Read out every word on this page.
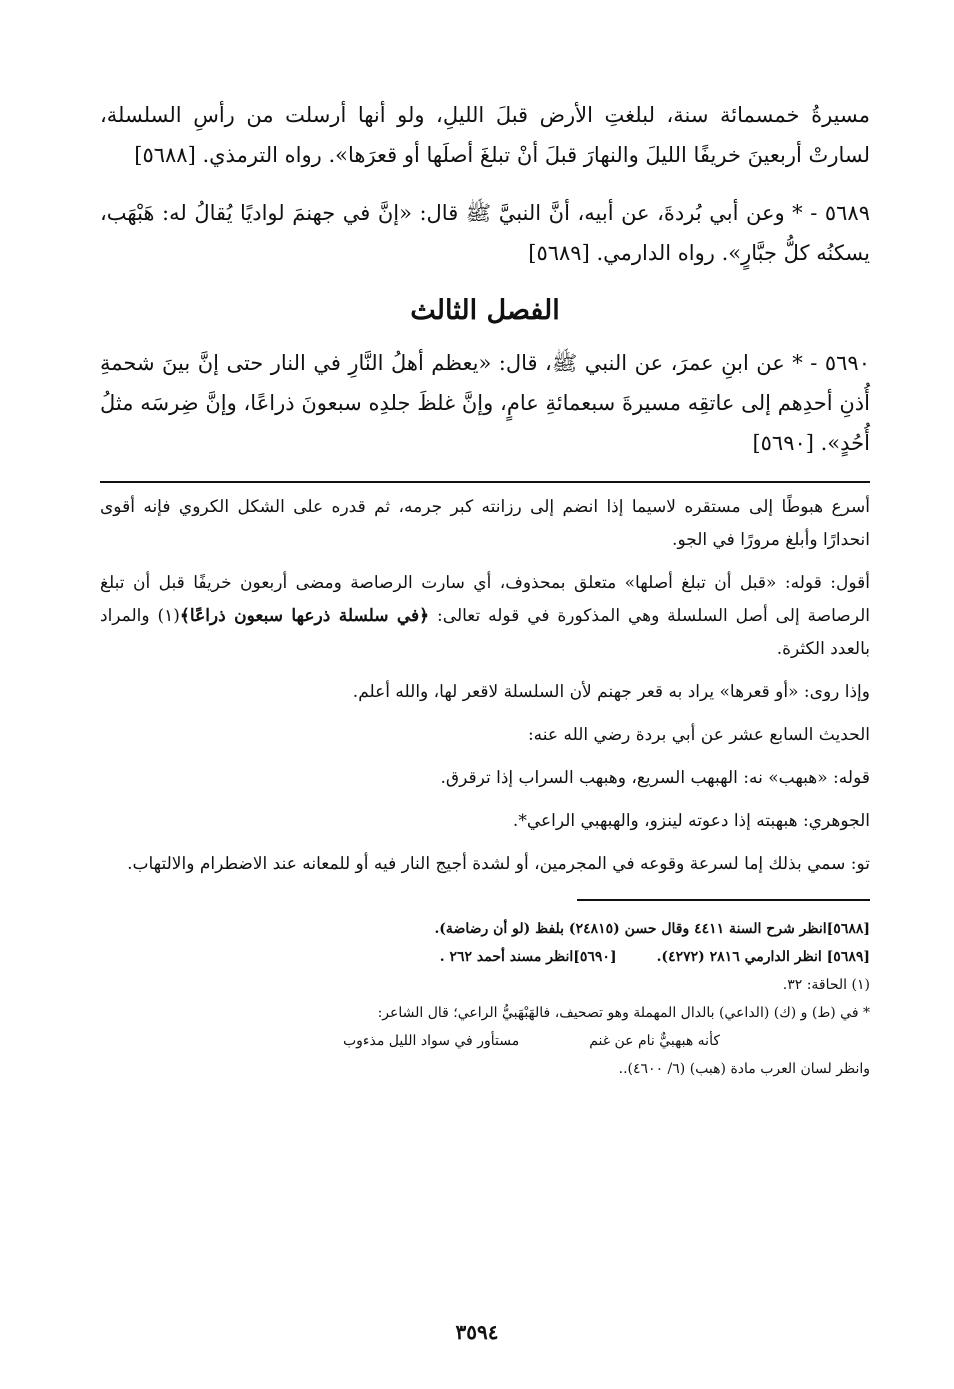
مسيرةُ خمسمائة سنة، لبلغتِ الأرض قبلَ الليلِ، ولو أنها أرسلت من رأسِ السلسلة، لسارتْ أربعينَ خريفًا الليلَ والنهارَ قبلَ أنْ تبلغَ أصلَها أو قعرَها». رواه الترمذي. [٥٦٨٨]

٥٦٨٩ - * وعن أبي بُردةَ، عن أبيه، أنَّ النبيَّ ﷺ قال: «إنَّ في جهنمَ لواديًا يُقالُ له: هَبْهَب، يسكنُه كلُّ جبَّارٍ». رواه الدارمي. [٥٦٨٩]

الفصل الثالث

٥٦٩٠ - * عن ابنِ عمرَ، عن النبي ﷺ، قال: «يعظم أهلُ النَّارِ في النار حتى إنَّ بينَ شحمةِ أُذنِ أحدِهم إلى عاتقِه مسيرةَ سبعمائةِ عامٍ، وإنَّ غلظَ جلدِه سبعونَ ذراعًا، وإنَّ ضِرسَه مثلُ أُحُدٍ». [٥٦٩٠]

أسرع هبوطًا إلى مستقره لاسيما إذا انضم إلى رزانته كبر جرمه، ثم قدره على الشكل الكروي فإنه أقوى انحدارًا وأبلغ مرورًا في الجو.

أقول: قوله: «قبل أن تبلغ أصلها» متعلق بمحذوف، أي سارت الرصاصة ومضى أربعون خريفًا قبل أن تبلغ الرصاصة إلى أصل السلسلة وهي المذكورة في قوله تعالى: ﴿في سلسلة ذرعها سبعون ذراعًا﴾(١) والمراد بالعدد الكثرة.

وإذا روى: «أو قعرها» يراد به قعر جهنم لأن السلسلة لاقعر لها، والله أعلم.

الحديث السابع عشر عن أبي بردة رضي الله عنه:

قوله: «هبهب» نه: الهبهب السريع، وهبهب السراب إذا ترقرق.

الجوهري: هبهبته إذا دعوته لينزو، والهبهبي الراعي*.

تو: سمي بذلك إما لسرعة وقوعه في المجرمين، أو لشدة أجيج النار فيه أو للمعانه عند الاضطرام والالتهاب.

[٥٦٨٨]انظر شرح السنة ٤٤١١ وقال حسن (٢٤٨١٥) بلفظ (لو أن رضاضة).
[٥٦٨٩] انظر الدارمي ٢٨١٦ (٤٢٧٢).
[٥٦٩٠]انظر مسند أحمد ٢٦٢ .
(١) الحاقة: ٣٢.
* في (ط) و (ك) (الداعي) بالدال المهملة وهو تصحيف، فالهَبْهَبيُّ الراعي؛ قال الشاعر:
كأنه هبهبيٌّ نام عن غنم
مستأور في سواد الليل مذءوب
وانظر لسان العرب مادة (هبب) (٦/ ٤٦٠٠)..
٣٥٩٤
